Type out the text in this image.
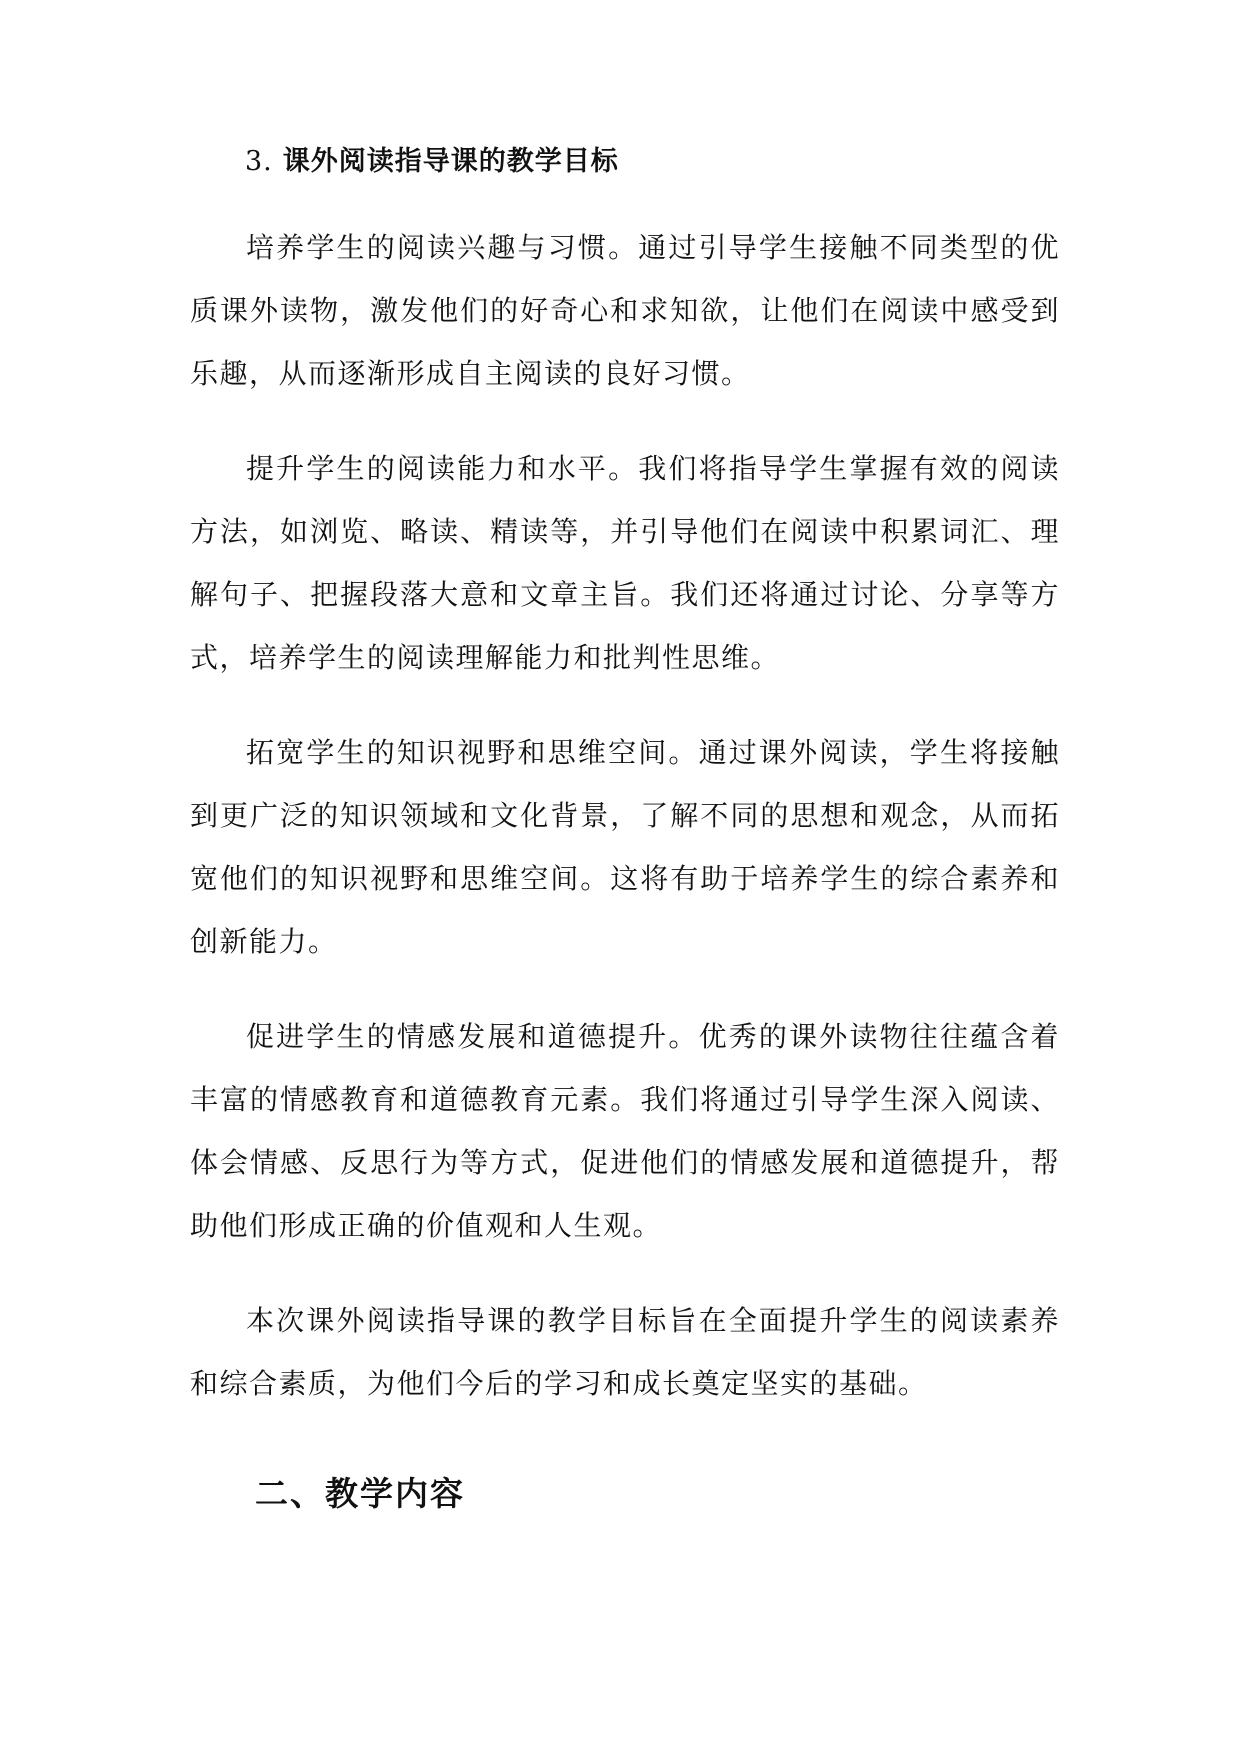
3. 课外阅读指导课的教学目标

培养学生的阅读兴趣与习惯。通过引导学生接触不同类型的优质课外读物，激发他们的好奇心和求知欲，让他们在阅读中感受到乐趣，从而逐渐形成自主阅读的良好习惯。

提升学生的阅读能力和水平。我们将指导学生掌握有效的阅读方法，如浏览、略读、精读等，并引导他们在阅读中积累词汇、理解句子、把握段落大意和文章主旨。我们还将通过讨论、分享等方式，培养学生的阅读理解能力和批判性思维。

拓宽学生的知识视野和思维空间。通过课外阅读，学生将接触到更广泛的知识领域和文化背景，了解不同的思想和观念，从而拓宽他们的知识视野和思维空间。这将有助于培养学生的综合素养和创新能力。

促进学生的情感发展和道德提升。优秀的课外读物往往蕴含着丰富的情感教育和道德教育元素。我们将通过引导学生深入阅读、体会情感、反思行为等方式，促进他们的情感发展和道德提升，帮助他们形成正确的价值观和人生观。

本次课外阅读指导课的教学目标旨在全面提升学生的阅读素养和综合素质，为他们今后的学习和成长奠定坚实的基础。

二、教学内容
